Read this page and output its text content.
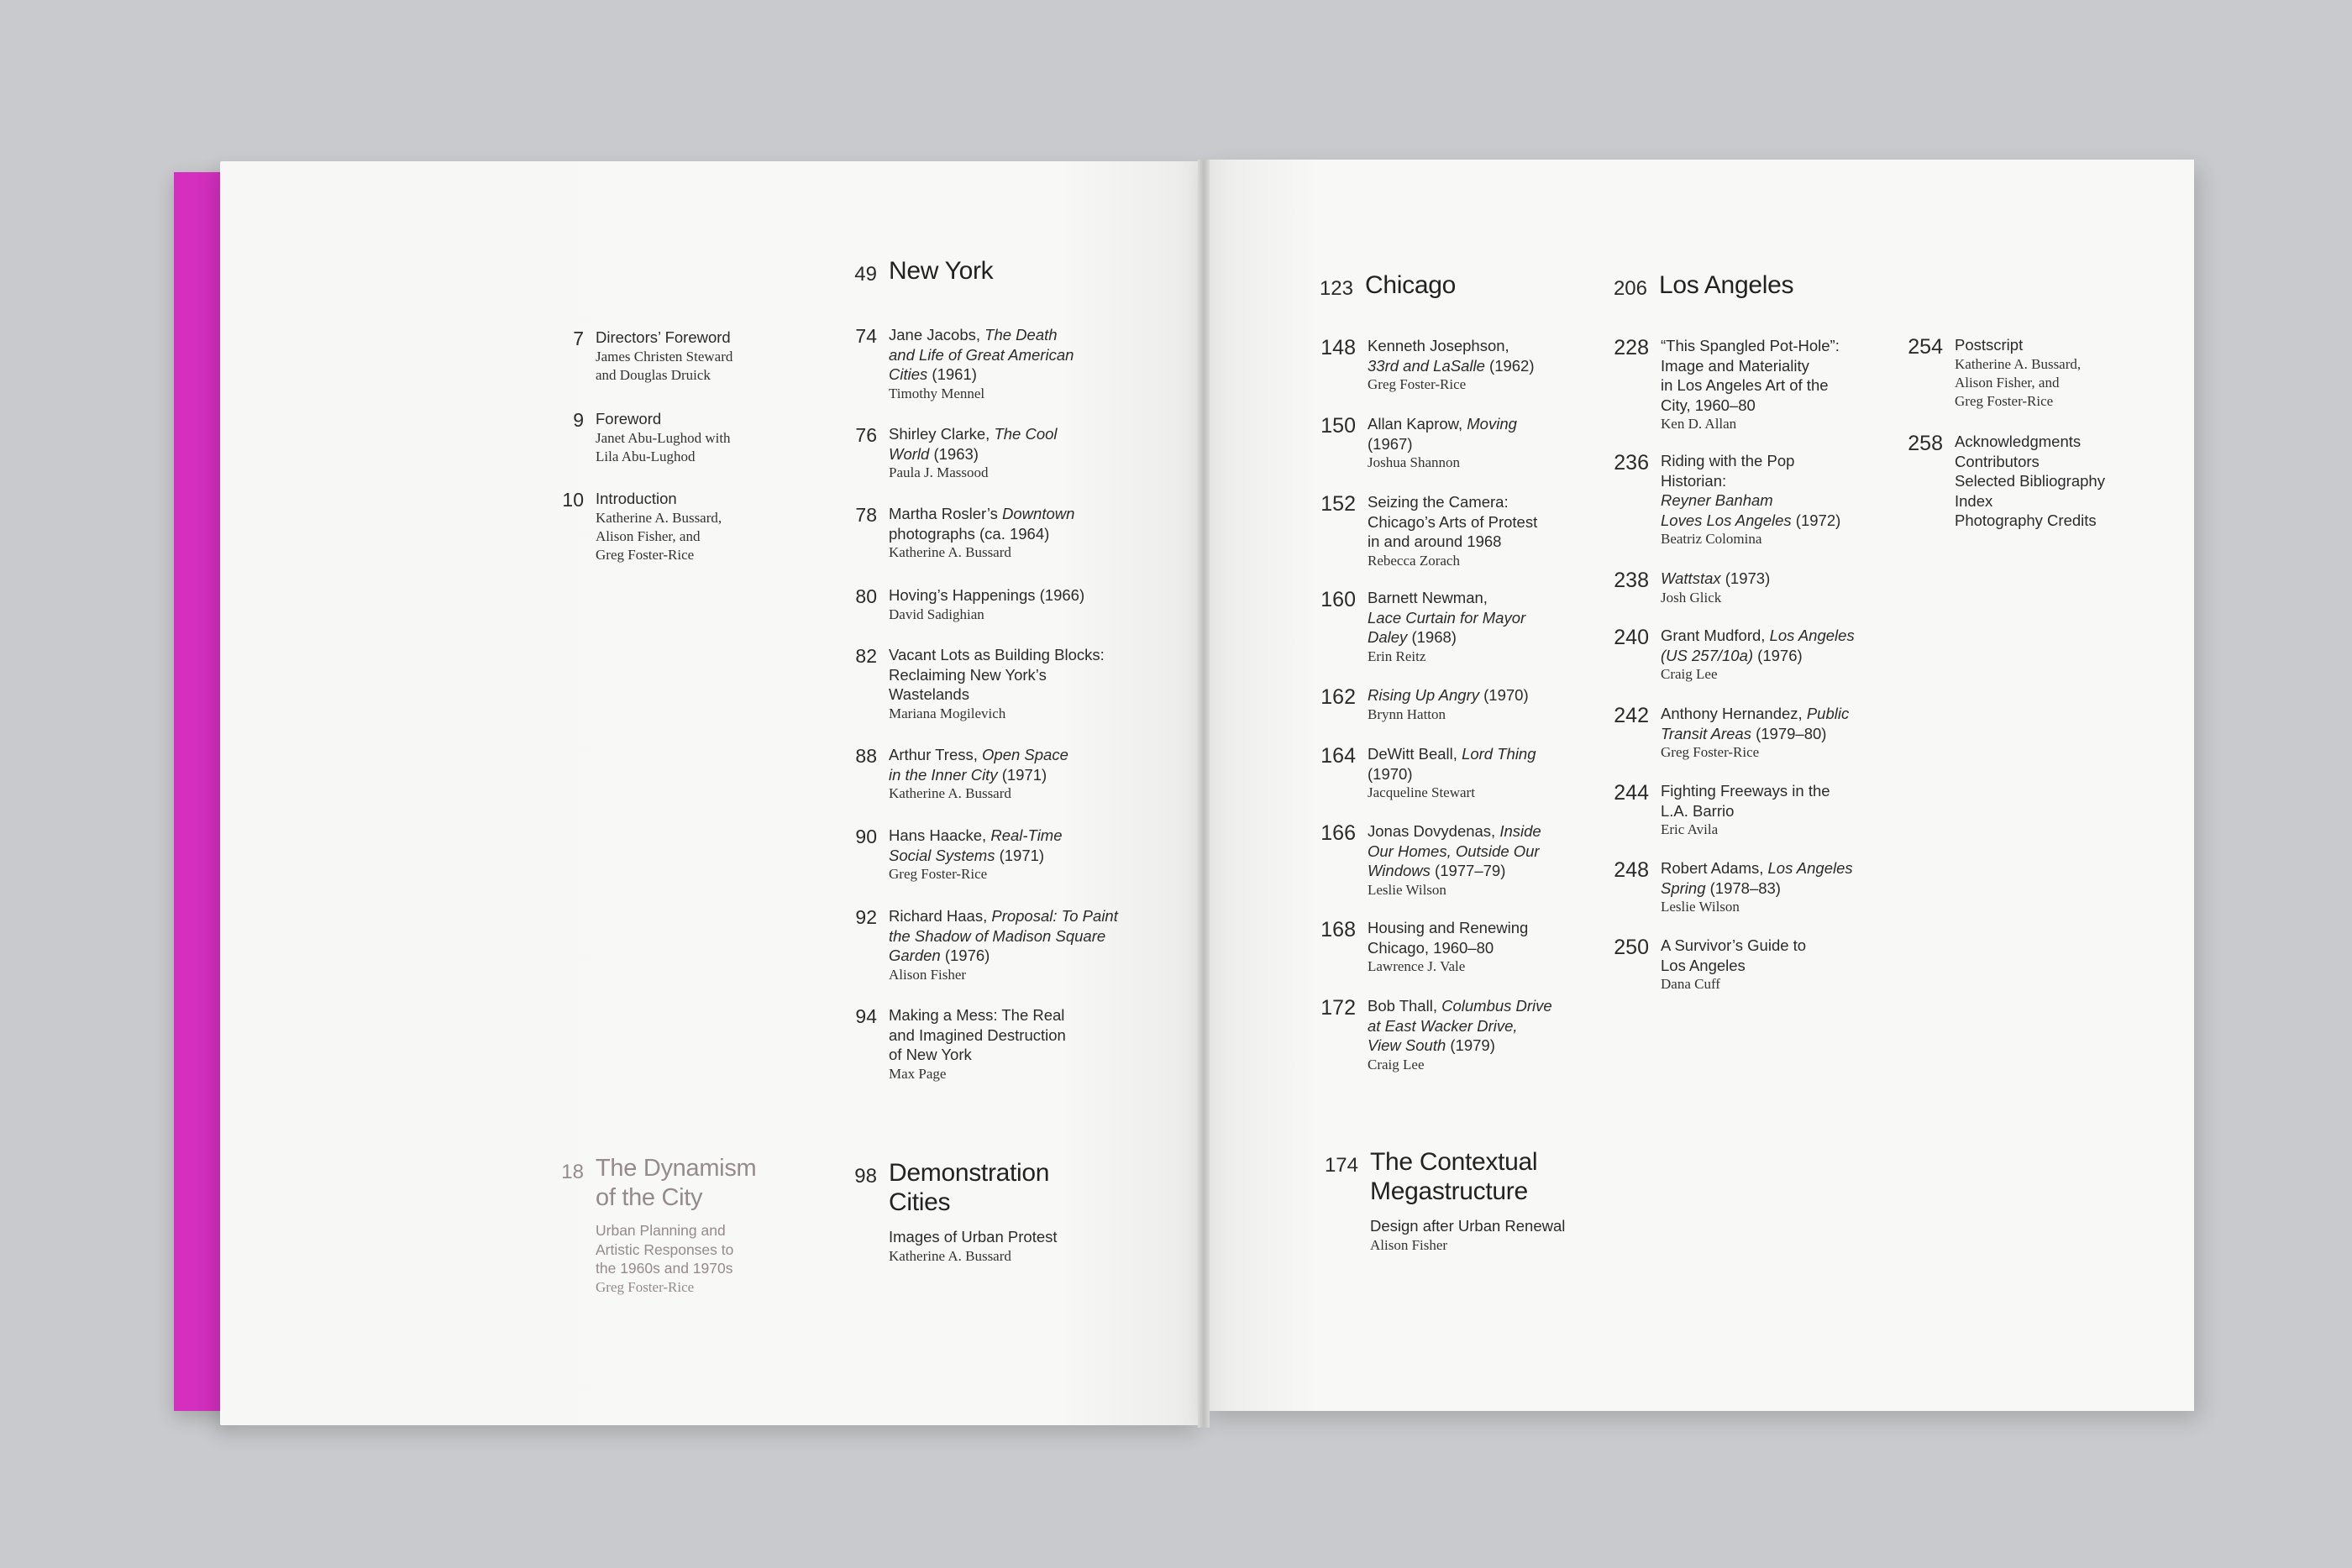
7 Directors’ Foreword
James Christen Steward
and Douglas Druick
9 Foreword
Janet Abu-Lughod with
Lila Abu-Lughod
10 Introduction
Katherine A. Bussard,
Alison Fisher, and
Greg Foster-Rice
18 The Dynamism
of the City
Urban Planning and
Artistic Responses to
the 1960s and 1970s
Greg Foster-Rice
49 New York
74 Jane Jacobs, The Death
and Life of Great American
Cities (1961)
Timothy Mennel
76 Shirley Clarke, The Cool
World (1963)
Paula J. Massood
78 Martha Rosler’s Downtown
photographs (ca. 1964)
Katherine A. Bussard
80 Hoving’s Happenings (1966)
David Sadighian
82 Vacant Lots as Building Blocks:
Reclaiming New York’s
Wastelands
Mariana Mogilevich
88 Arthur Tress, Open Space
in the Inner City (1971)
Katherine A. Bussard
90 Hans Haacke, Real-Time
Social Systems (1971)
Greg Foster-Rice
92 Richard Haas, Proposal: To Paint
the Shadow of Madison Square
Garden (1976)
Alison Fisher
94 Making a Mess: The Real
and Imagined Destruction
of New York
Max Page
98 Demonstration
Cities
Images of Urban Protest
Katherine A. Bussard
123 Chicago
148 Kenneth Josephson,
33rd and LaSalle (1962)
Greg Foster-Rice
150 Allan Kaprow, Moving
(1967)
Joshua Shannon
152 Seizing the Camera:
Chicago’s Arts of Protest
in and around 1968
Rebecca Zorach
160 Barnett Newman,
Lace Curtain for Mayor
Daley (1968)
Erin Reitz
162 Rising Up Angry (1970)
Brynn Hatton
164 DeWitt Beall, Lord Thing
(1970)
Jacqueline Stewart
166 Jonas Dovydenas, Inside
Our Homes, Outside Our
Windows (1977–79)
Leslie Wilson
168 Housing and Renewing
Chicago, 1960–80
Lawrence J. Vale
172 Bob Thall, Columbus Drive
at East Wacker Drive,
View South (1979)
Craig Lee
174 The Contextual
Megastructure
Design after Urban Renewal
Alison Fisher
206 Los Angeles
228 “This Spangled Pot-Hole”:
Image and Materiality
in Los Angeles Art of the
City, 1960–80
Ken D. Allan
236 Riding with the Pop
Historian:
Reyner Banham
Loves Los Angeles (1972)
Beatriz Colomina
238 Wattstax (1973)
Josh Glick
240 Grant Mudford, Los Angeles
(US 257/10a) (1976)
Craig Lee
242 Anthony Hernandez, Public
Transit Areas (1979–80)
Greg Foster-Rice
244 Fighting Freeways in the
L.A. Barrio
Eric Avila
248 Robert Adams, Los Angeles
Spring (1978–83)
Leslie Wilson
250 A Survivor’s Guide to
Los Angeles
Dana Cuff
254 Postscript
Katherine A. Bussard,
Alison Fisher, and
Greg Foster-Rice
258 Acknowledgments
Contributors
Selected Bibliography
Index
Photography Credits
